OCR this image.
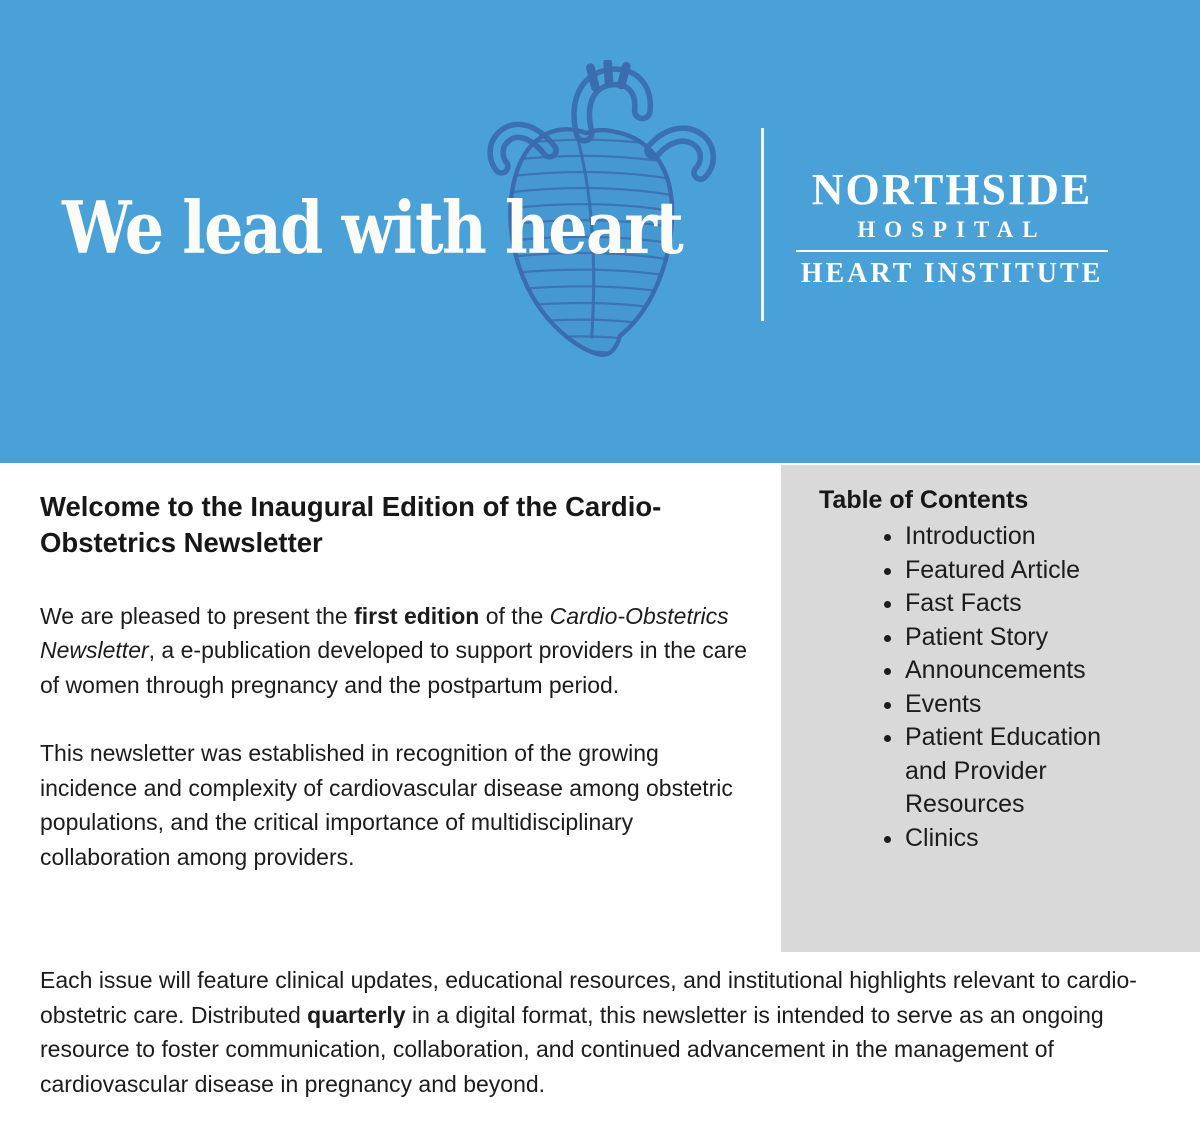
We lead with heart	NORTHSIDE
HOSPITAL
HEART INSTITUTE
Welcome to the Inaugural Edition of the Cardio-Obstetrics Newsletter

We are pleased to present the first edition of the Cardio-Obstetrics Newsletter, a e-publication developed to support providers in the care of women through pregnancy and the postpartum period.

This newsletter was established in recognition of the growing incidence and complexity of cardiovascular disease among obstetric populations, and the critical importance of multidisciplinary collaboration among providers.

Table of Contents
• Introduction
• Featured Article
• Fast Facts
• Patient Story
• Announcements
• Events
• Patient Education and Provider Resources
• Clinics

Each issue will feature clinical updates, educational resources, and institutional highlights relevant to cardio-obstetric care. Distributed quarterly in a digital format, this newsletter is intended to serve as an ongoing resource to foster communication, collaboration, and continued advancement in the management of cardiovascular disease in pregnancy and beyond.
